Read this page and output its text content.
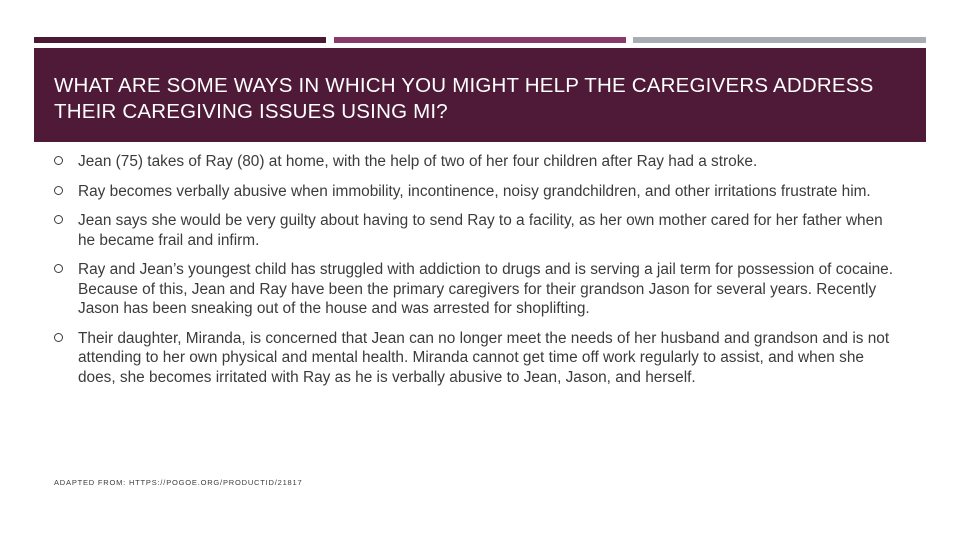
WHAT ARE SOME WAYS IN WHICH YOU MIGHT HELP THE CAREGIVERS ADDRESS THEIR CAREGIVING ISSUES USING MI?
Jean (75) takes of Ray (80) at home, with the help of two of her four children after Ray had a stroke.
Ray becomes verbally abusive when immobility, incontinence, noisy grandchildren, and other irritations frustrate him.
Jean says she would be very guilty about having to send Ray to a facility, as her own mother cared for her father when he became frail and infirm.
Ray and Jean’s youngest child has struggled with addiction to drugs and is serving a jail term for possession of cocaine. Because of this, Jean and Ray have been the primary caregivers for their grandson Jason for several years. Recently Jason has been sneaking out of the house and was arrested for shoplifting.
Their daughter, Miranda, is concerned that Jean can no longer meet the needs of her husband and grandson and is not attending to her own physical and mental health. Miranda cannot get time off work regularly to assist, and when she does, she becomes irritated with Ray as he is verbally abusive to Jean, Jason, and herself.
ADAPTED FROM: HTTPS://POGOE.ORG/PRODUCTID/21817
